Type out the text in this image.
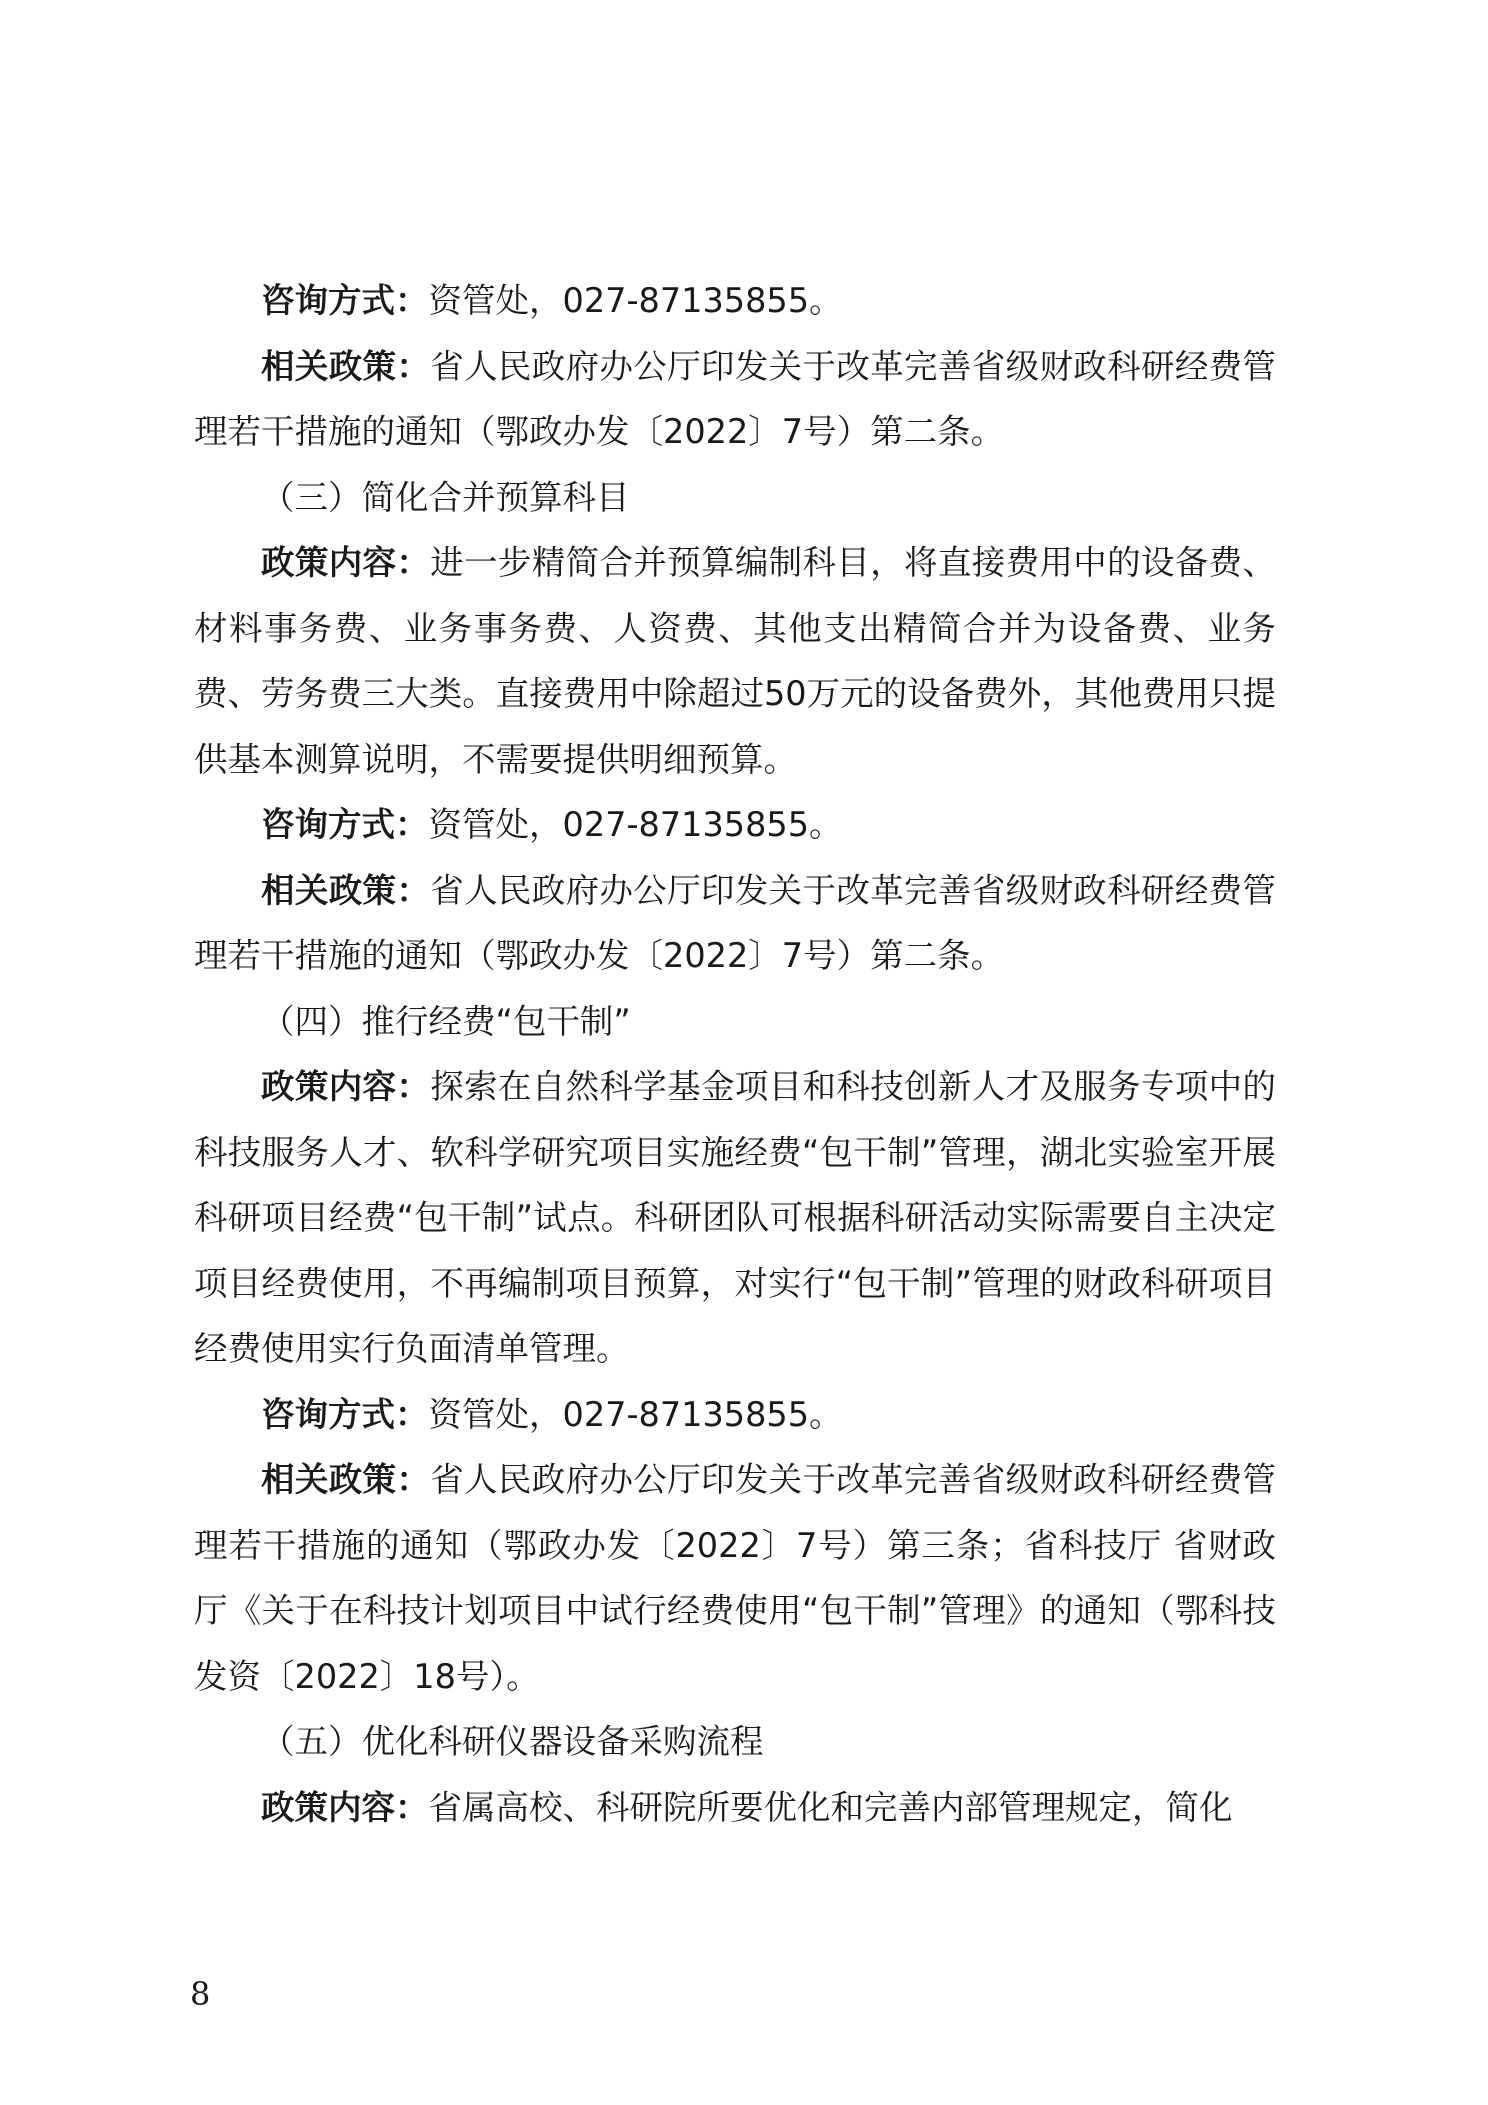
咨询方式：资管处，027-87135855。

相关政策：省人民政府办公厅印发关于改革完善省级财政科研经费管理若干措施的通知（鄂政办发〔2022〕7号）第二条。

（三）简化合并预算科目

政策内容：进一步精简合并预算编制科目，将直接费用中的设备费、材料事务费、业务事务费、人资费、其他支出精简合并为设备费、业务费、劳务费三大类。直接费用中除超过50万元的设备费外，其他费用只提供基本测算说明，不需要提供明细预算。

咨询方式：资管处，027-87135855。

相关政策：省人民政府办公厅印发关于改革完善省级财政科研经费管理若干措施的通知（鄂政办发〔2022〕7号）第二条。

（四）推行经费“包干制”

政策内容：探索在自然科学基金项目和科技创新人才及服务专项中的科技服务人才、软科学研究项目实施经费“包干制”管理，湖北实验室开展科研项目经费“包干制”试点。科研团队可根据科研活动实际需要自主决定项目经费使用，不再编制项目预算，对实行“包干制”管理的财政科研项目经费使用实行负面清单管理。

咨询方式：资管处，027-87135855。

相关政策：省人民政府办公厅印发关于改革完善省级财政科研经费管理若干措施的通知（鄂政办发〔2022〕7号）第三条；省科技厅 省财政厅《关于在科技计划项目中试行经费使用“包干制”管理》的通知（鄂科技发资〔2022〕18号）。

（五）优化科研仪器设备采购流程

政策内容：省属高校、科研院所要优化和完善内部管理规定，简化

8
